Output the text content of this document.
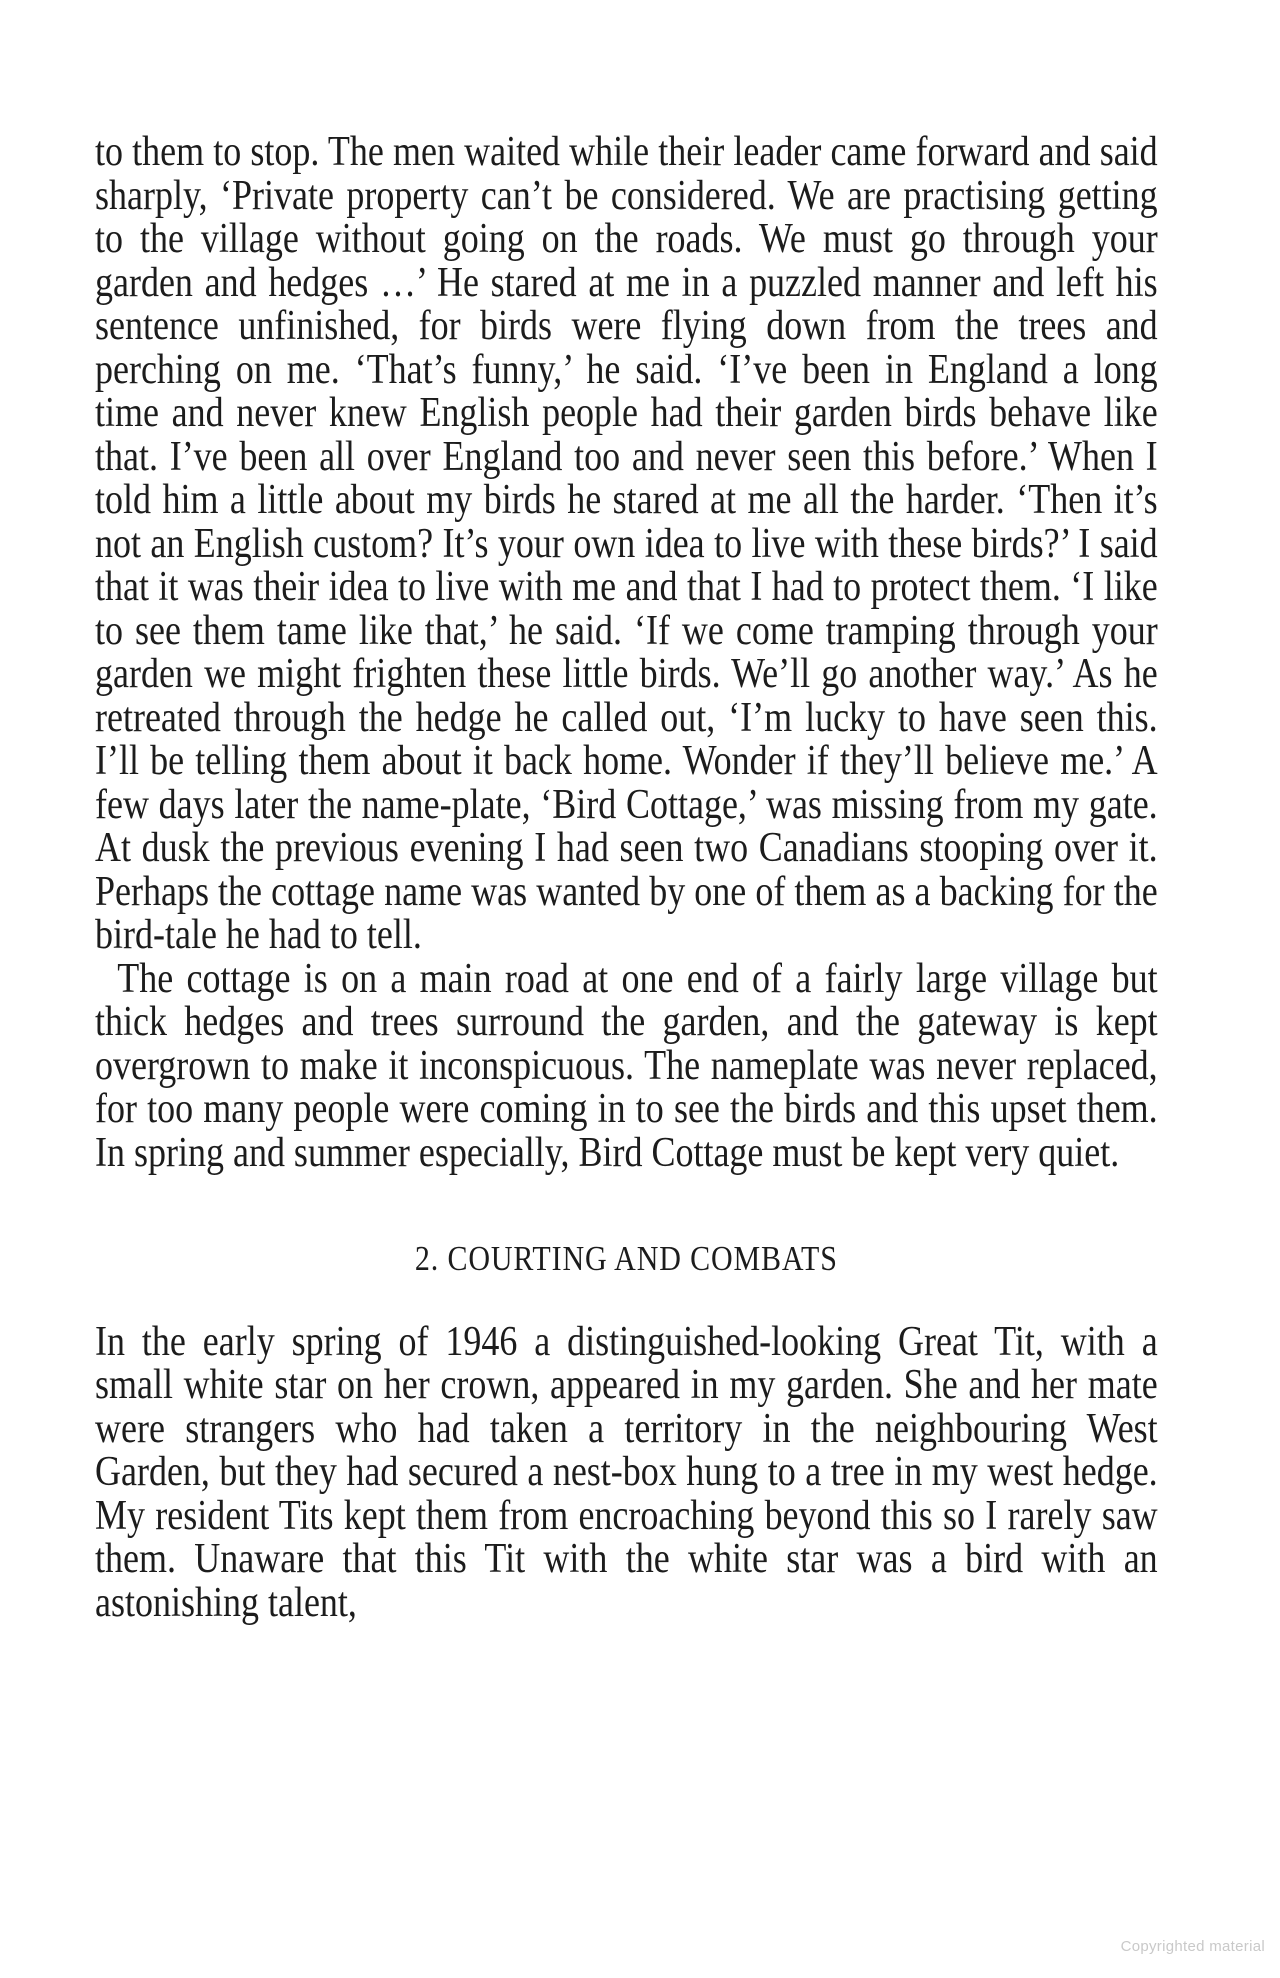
to them to stop. The men waited while their leader came forward and said sharply, ‘Private property can’t be considered. We are practising getting to the village without going on the roads. We must go through your garden and hedges …’ He stared at me in a puzzled manner and left his sentence unfinished, for birds were flying down from the trees and perching on me. ‘That’s funny,’ he said. ‘I’ve been in England a long time and never knew English people had their garden birds behave like that. I’ve been all over England too and never seen this before.’ When I told him a little about my birds he stared at me all the harder. ‘Then it’s not an English custom? It’s your own idea to live with these birds?’ I said that it was their idea to live with me and that I had to protect them. ‘I like to see them tame like that,’ he said. ‘If we come tramping through your garden we might frighten these little birds. We’ll go another way.’ As he retreated through the hedge he called out, ‘I’m lucky to have seen this. I’ll be telling them about it back home. Wonder if they’ll believe me.’ A few days later the name-plate, ‘Bird Cottage,’ was missing from my gate. At dusk the previous evening I had seen two Canadians stooping over it. Perhaps the cottage name was wanted by one of them as a backing for the bird-tale he had to tell.

The cottage is on a main road at one end of a fairly large village but thick hedges and trees surround the garden, and the gateway is kept overgrown to make it inconspicuous. The nameplate was never replaced, for too many people were coming in to see the birds and this upset them. In spring and summer especially, Bird Cottage must be kept very quiet.

2. COURTING AND COMBATS

In the early spring of 1946 a distinguished-looking Great Tit, with a small white star on her crown, appeared in my garden. She and her mate were strangers who had taken a territory in the neighbouring West Garden, but they had secured a nest-box hung to a tree in my west hedge. My resident Tits kept them from encroaching beyond this so I rarely saw them. Unaware that this Tit with the white star was a bird with an astonishing talent,

Copyrighted material
